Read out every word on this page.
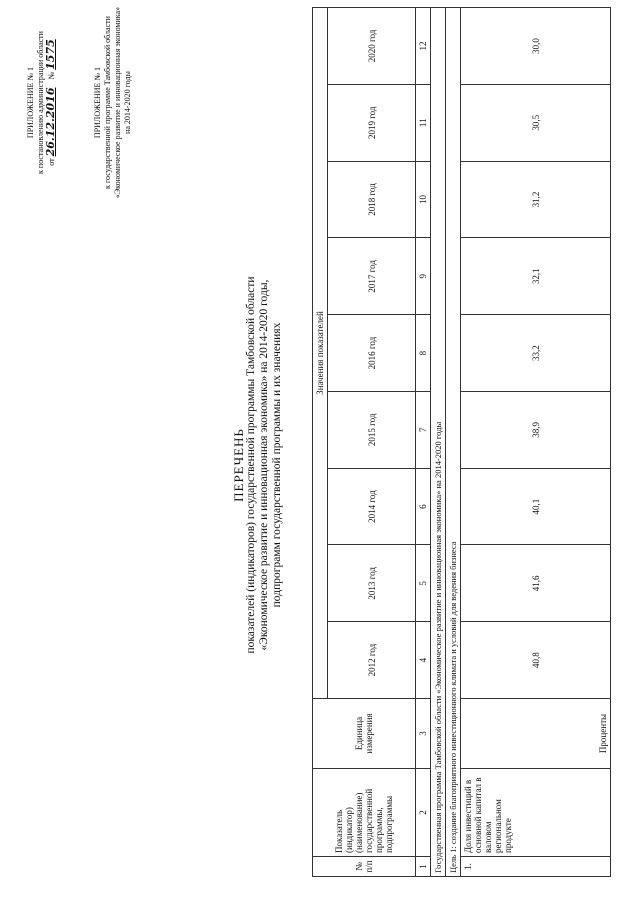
ПРИЛОЖЕНИЕ № 1 к постановлению администрации области от 26.12.2016    № 1575
ПРИЛОЖЕНИЕ № 1 к государственной программе Тамбовской области «Экономическое развитие и инновационная экономика» на 2014-2020 годы
ПЕРЕЧЕНЬ показателей (индикаторов) государственной программы Тамбовской области «Экономическое развитие и инновационная экономика» на 2014-2020 годы, подпрограмм государственной программы и их значениях
№ п/п	Показатель (индикатор) (наименование) государственной программы, подпрограммы	Единица измерения	Значения показателей								
			2012 год	2013 год	2014 год	2015 год	2016 год	2017 год	2018 год	2019 год	2020 год
1	2	3	4	5	6	7	8	9	10	11	12
Государственная программа Тамбовской области «Экономическое развитие и инновационная экономика» на 2014-2020 годы											
Цель 1: создание благоприятного инвестиционного климата и условий для ведения бизнеса											
1.	Доля инвестиций в основной капитал в валовом региональном продукте	Проценты	40,8	41,6	40,1	38,9	33,2	32,1	31,2	30,5	30,0
